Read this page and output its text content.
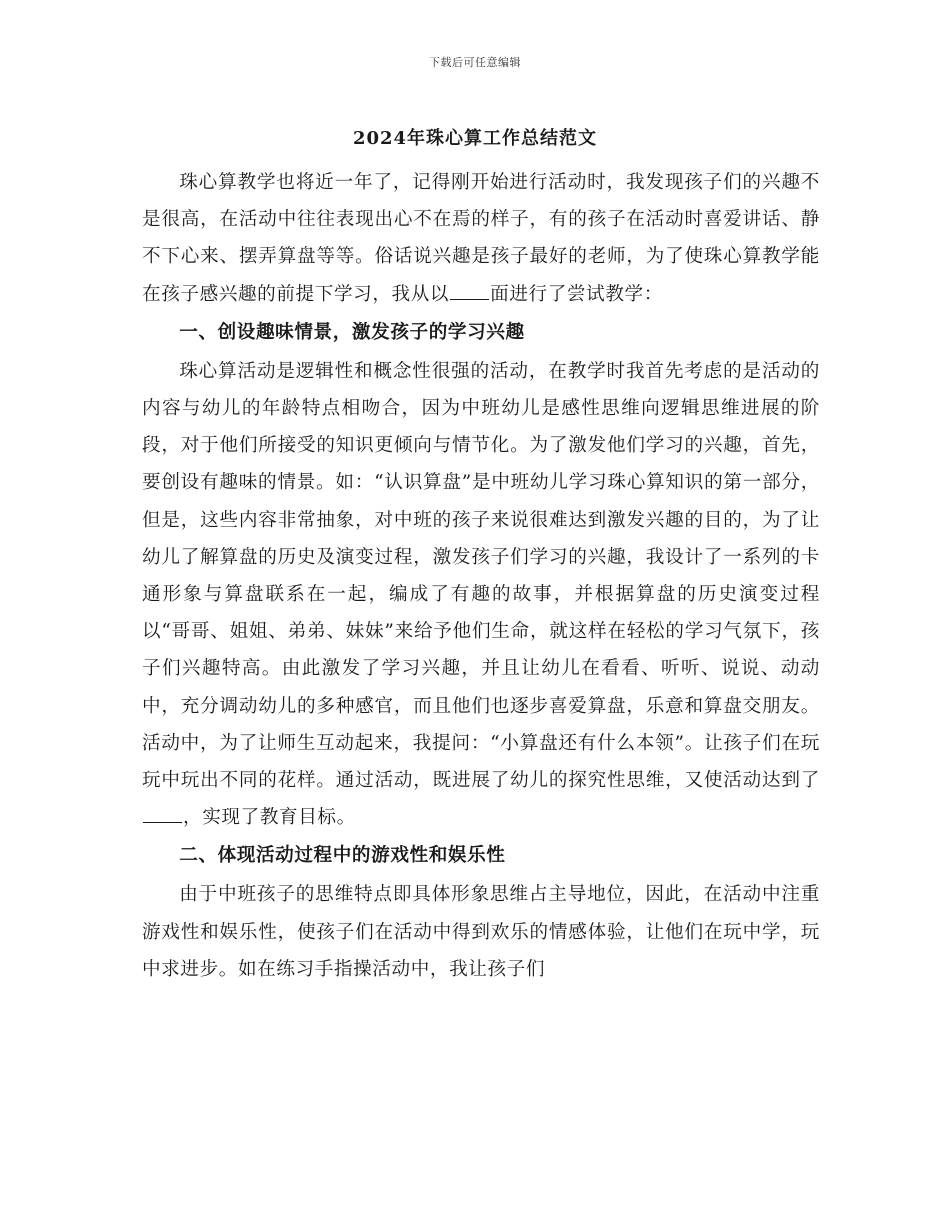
下载后可任意编辑
2024年珠心算工作总结范文

珠心算教学也将近一年了，记得刚开始进行活动时，我发现孩子们的兴趣不是很高，在活动中往往表现出心不在焉的样子，有的孩子在活动时喜爱讲话、静不下心来、摆弄算盘等等。俗话说兴趣是孩子最好的老师，为了使珠心算教学能在孩子感兴趣的前提下学习，我从以 面进行了尝试教学：

一、创设趣味情景，激发孩子的学习兴趣

珠心算活动是逻辑性和概念性很强的活动，在教学时我首先考虑的是活动的内容与幼儿的年龄特点相吻合，因为中班幼儿是感性思维向逻辑思维进展的阶段，对于他们所接受的知识更倾向与情节化。为了激发他们学习的兴趣，首先，要创设有趣味的情景。如：“认识算盘”是中班幼儿学习珠心算知识的第一部分，但是，这些内容非常抽象，对中班的孩子来说很难达到激发兴趣的目的，为了让幼儿了解算盘的历史及演变过程，激发孩子们学习的兴趣，我设计了一系列的卡通形象与算盘联系在一起，编成了有趣的故事，并根据算盘的历史演变过程以“哥哥、姐姐、弟弟、妹妹”来给予他们生命，就这样在轻松的学习气氛下，孩子们兴趣特高。由此激发了学习兴趣，并且让幼儿在看看、听听、说说、动动中，充分调动幼儿的多种感官，而且他们也逐步喜爱算盘，乐意和算盘交朋友。活动中，为了让师生互动起来，我提问：“小算盘还有什么本领”。让孩子们在玩玩中玩出不同的花样。通过活动，既进展了幼儿的探究性思维，又使活动达到了，实现了教育目标。

二、体现活动过程中的游戏性和娱乐性

由于中班孩子的思维特点即具体形象思维占主导地位，因此，在活动中注重游戏性和娱乐性，使孩子们在活动中得到欢乐的情感体验，让他们在玩中学，玩中求进步。如在练习手指操活动中，我让孩子们
